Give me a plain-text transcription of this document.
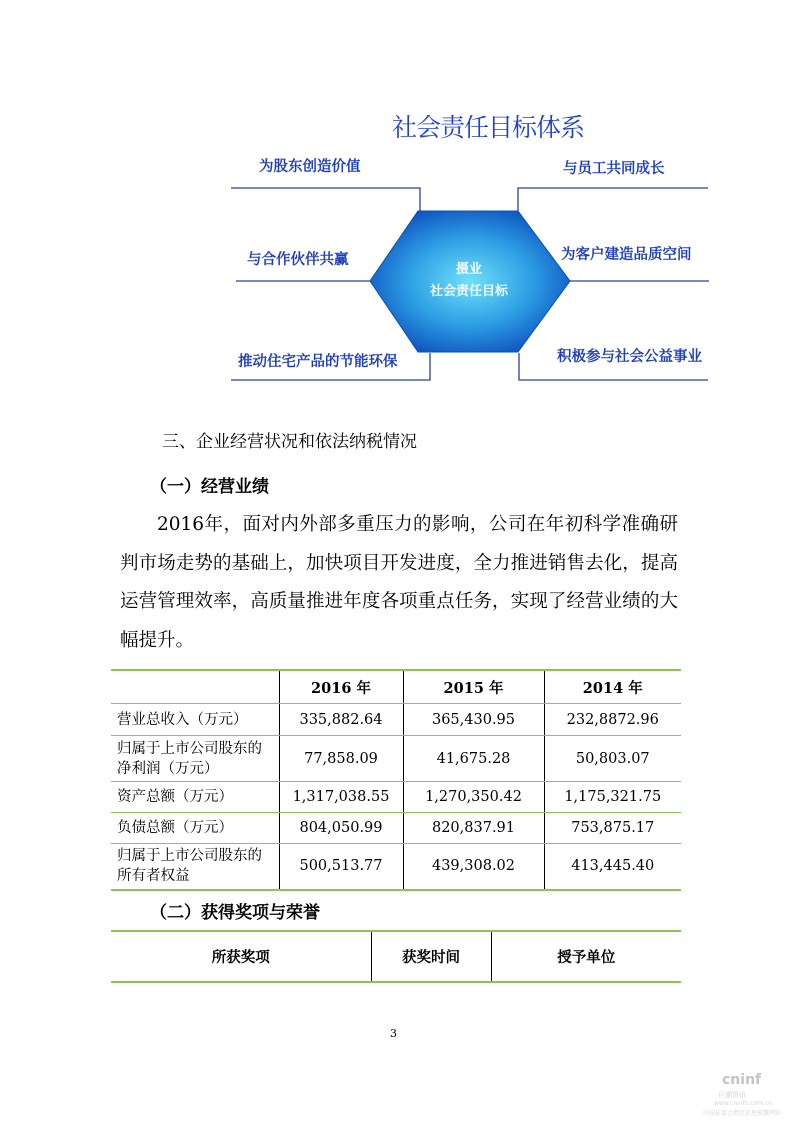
社会责任目标体系
摄业
社会责任目标
为股东创造价值	与员工共同成长
与合作伙伴共赢	为客户建造品质空间
推动住宅产品的节能环保	积极参与社会公益事业
三、企业经营状况和依法纳税情况
（一）经营业绩
2016年，面对内外部多重压力的影响，公司在年初科学准确研判市场走势的基础上，加快项目开发进度，全力推进销售去化，提高运营管理效率，高质量推进年度各项重点任务，实现了经营业绩的大幅提升。
	2016 年	2015 年	2014 年
营业总收入（万元）	335,882.64	365,430.95	232,8872.96
归属于上市公司股东的净利润（万元）	77,858.09	41,675.28	50,803.07
资产总额（万元）	1,317,038.55	1,270,350.42	1,175,321.75
负债总额（万元）	804,050.99	820,837.91	753,875.17
归属于上市公司股东的所有者权益	500,513.77	439,308.02	413,445.40
（二）获得奖项与荣誉
所获奖项	获奖时间	授予单位
3
cninf
巨潮资讯
www.cninfo.com.cn
中国证监会指定信息披露网站
